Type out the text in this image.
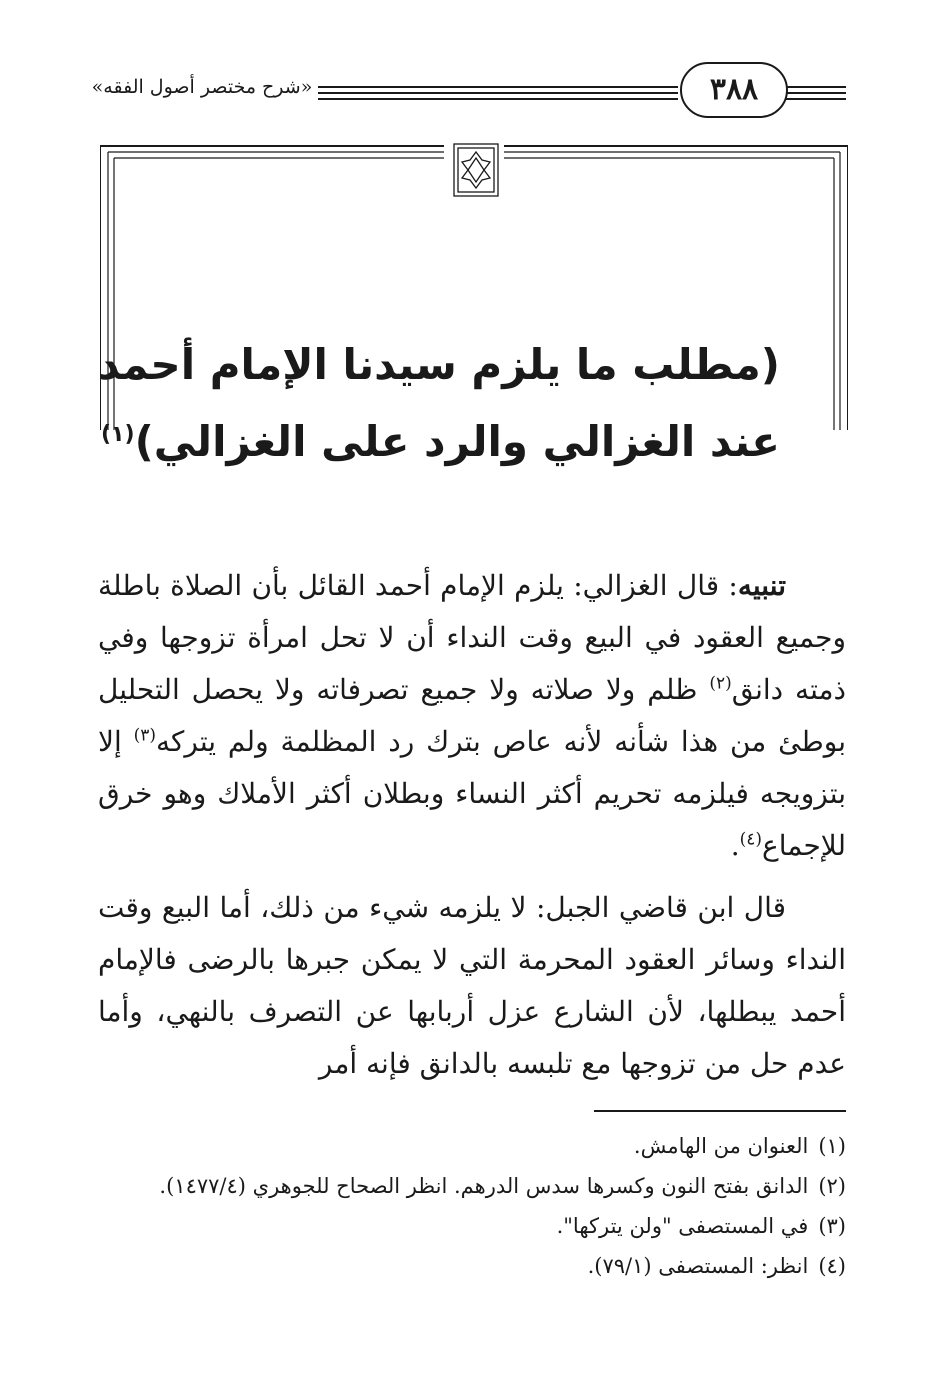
«شرح مختصر أصول الفقه»	٣٨٨
(مطلب ما يلزم سيدنا الإمام أحمد
عند الغزالي والرد على الغزالي)$^{(١)}$

تنبيه: قال الغزالي: يلزم الإمام أحمد القائل بأن الصلاة باطلة وجميع العقود في البيع وقت النداء أن لا تحل امرأة تزوجها وفي ذمته دانق$^{(٢)}$ ظلم ولا صلاته ولا جميع تصرفاته ولا يحصل التحليل بوطئ من هذا شأنه لأنه عاص بترك رد المظلمة ولم يتركه$^{(٣)}$ إلا بتزويجه فيلزمه تحريم أكثر النساء وبطلان أكثر الأملاك وهو خرق للإجماع$^{(٤)}$.

قال ابن قاضي الجبل: لا يلزمه شيء من ذلك، أما البيع وقت النداء وسائر العقود المحرمة التي لا يمكن جبرها بالرضى فالإمام أحمد يبطلها، لأن الشارع عزل أربابها عن التصرف بالنهي، وأما عدم حل من تزوجها مع تلبسه بالدانق فإنه أمر

(١)
العنوان من الهامش.
(٢)
الدانق بفتح النون وكسرها سدس الدرهم. انظر الصحاح للجوهري (١٤٧٧/٤).
(٣)
في المستصفى "ولن يتركها".
(٤)
انظر: المستصفى (٧٩/١).
